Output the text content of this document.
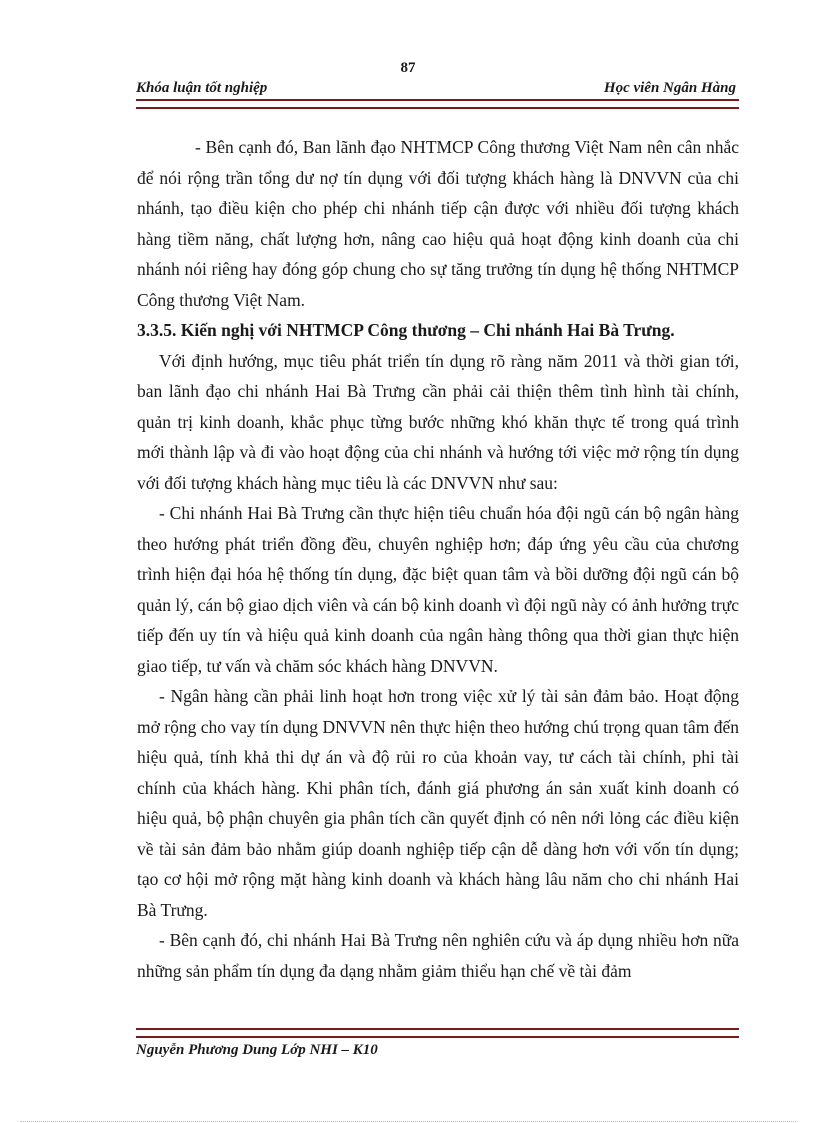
87
Khóa luận tốt nghiệp	Học viên Ngân Hàng

- Bên cạnh đó, Ban lãnh đạo NHTMCP Công thương Việt Nam nên cân nhắc để nói rộng trần tổng dư nợ tín dụng với đối tượng khách hàng là DNVVN của chi nhánh, tạo điều kiện cho phép chi nhánh tiếp cận được với nhiều đối tượng khách hàng tiềm năng, chất lượng hơn, nâng cao hiệu quả hoạt động kinh doanh của chi nhánh nói riêng hay đóng góp chung cho sự tăng trưởng tín dụng hệ thống NHTMCP Công thương Việt Nam.

3.3.5. Kiến nghị với NHTMCP Công thương – Chi nhánh Hai Bà Trưng.

Với định hướng, mục tiêu phát triển tín dụng rõ ràng năm 2011 và thời gian tới, ban lãnh đạo chi nhánh Hai Bà Trưng cần phải cải thiện thêm tình hình tài chính, quản trị kinh doanh, khắc phục từng bước những khó khăn thực tế trong quá trình mới thành lập và đi vào hoạt động của chi nhánh và hướng tới việc mở rộng tín dụng với đối tượng khách hàng mục tiêu là các DNVVN như sau:

- Chi nhánh Hai Bà Trưng cần thực hiện tiêu chuẩn hóa đội ngũ cán bộ ngân hàng theo hướng phát triển đồng đều, chuyên nghiệp hơn; đáp ứng yêu cầu của chương trình hiện đại hóa hệ thống tín dụng, đặc biệt quan tâm và bồi dưỡng đội ngũ cán bộ quản lý, cán bộ giao dịch viên và cán bộ kinh doanh vì đội ngũ này có ảnh hưởng trực tiếp đến uy tín và hiệu quả kinh doanh của ngân hàng thông qua thời gian thực hiện giao tiếp, tư vấn và chăm sóc khách hàng DNVVN.

- Ngân hàng cần phải linh hoạt hơn trong việc xử lý tài sản đảm bảo. Hoạt động mở rộng cho vay tín dụng DNVVN nên thực hiện theo hướng chú trọng quan tâm đến hiệu quả, tính khả thi dự án và độ rủi ro của khoản vay, tư cách tài chính, phi tài chính của khách hàng. Khi phân tích, đánh giá phương án sản xuất kinh doanh có hiệu quả, bộ phận chuyên gia phân tích cần quyết định có nên nới lỏng các điều kiện về tài sản đảm bảo nhằm giúp doanh nghiệp tiếp cận dễ dàng hơn với vốn tín dụng; tạo cơ hội mở rộng mặt hàng kinh doanh và khách hàng lâu năm cho chi nhánh Hai Bà Trưng.

- Bên cạnh đó, chi nhánh Hai Bà Trưng nên nghiên cứu và áp dụng nhiều hơn nữa những sản phẩm tín dụng đa dạng nhằm giảm thiểu hạn chế về tài đảm

Nguyễn Phương Dung Lớp NHI – K10
